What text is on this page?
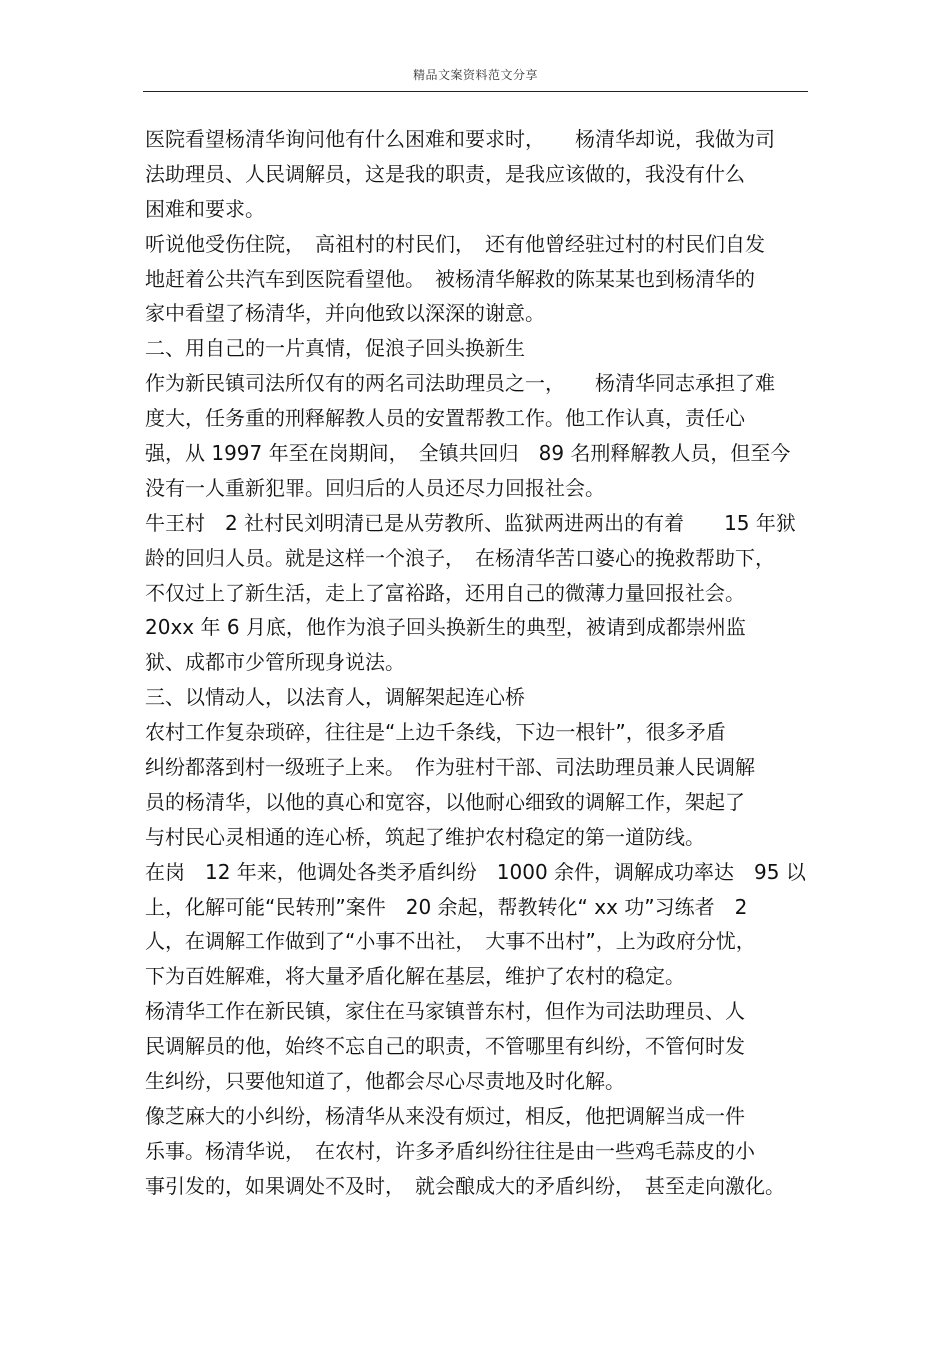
精品文案资料范文分享
医院看望杨清华询问他有什么困难和要求时，　　杨清华却说，我做为司
法助理员、人民调解员，这是我的职责，是我应该做的，我没有什么
困难和要求。
听说他受伤住院，　高祖村的村民们，　还有他曾经驻过村的村民们自发
地赶着公共汽车到医院看望他。　被杨清华解救的陈某某也到杨清华的
家中看望了杨清华，并向他致以深深的谢意。
二、用自己的一片真情，促浪子回头换新生
作为新民镇司法所仅有的两名司法助理员之一，　　杨清华同志承担了难
度大，任务重的刑释解教人员的安置帮教工作。他工作认真，责任心
强，从 1997 年至在岗期间，　全镇共回归　89 名刑释解教人员，但至今
没有一人重新犯罪。回归后的人员还尽力回报社会。
牛王村　2 社村民刘明清已是从劳教所、监狱两进两出的有着　　15 年狱
龄的回归人员。就是这样一个浪子，　在杨清华苦口婆心的挽救帮助下，
不仅过上了新生活，走上了富裕路，还用自己的微薄力量回报社会。
20xx 年 6 月底，他作为浪子回头换新生的典型，被请到成都崇州监
狱、成都市少管所现身说法。
三、以情动人，以法育人，调解架起连心桥
农村工作复杂琐碎，往往是“上边千条线，下边一根针”，很多矛盾
纠纷都落到村一级班子上来。　作为驻村干部、司法助理员兼人民调解
员的杨清华，以他的真心和宽容，以他耐心细致的调解工作，架起了
与村民心灵相通的连心桥，筑起了维护农村稳定的第一道防线。
在岗　12 年来，他调处各类矛盾纠纷　1000 余件，调解成功率达　95 以
上，化解可能“民转刑”案件　20 余起，帮教转化“ xx 功”习练者　2
人，在调解工作做到了“小事不出社，　大事不出村”，上为政府分忧，
下为百姓解难，将大量矛盾化解在基层，维护了农村的稳定。
杨清华工作在新民镇，家住在马家镇普东村，但作为司法助理员、人
民调解员的他，始终不忘自己的职责，不管哪里有纠纷，不管何时发
生纠纷，只要他知道了，他都会尽心尽责地及时化解。
像芝麻大的小纠纷，杨清华从来没有烦过，相反，他把调解当成一件
乐事。杨清华说，　在农村，许多矛盾纠纷往往是由一些鸡毛蒜皮的小
事引发的，如果调处不及时，　就会酿成大的矛盾纠纷，　甚至走向激化。
